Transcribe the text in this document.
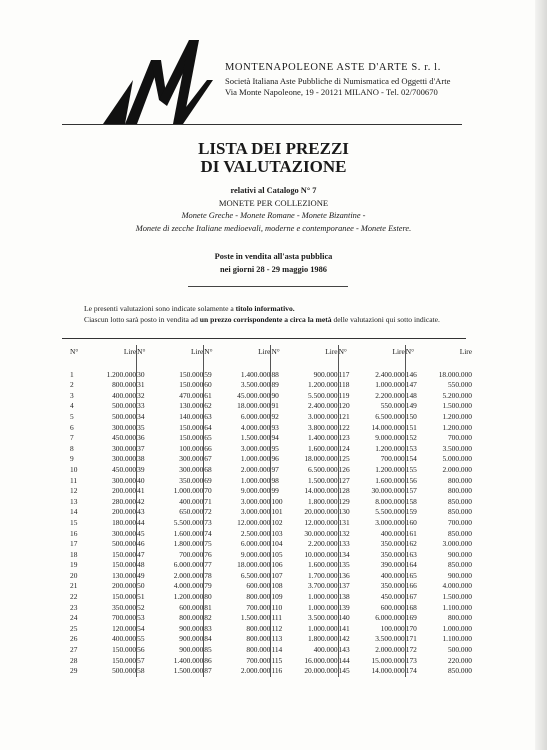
MONTENAPOLEONE ASTE D'ARTE S. r. l.
Società Italiana Aste Pubbliche di Numismatica ed Oggetti d'Arte
Via Monte Napoleone, 19 - 20121 MILANO - Tel. 02/700670
LISTA DEI PREZZI
DI VALUTAZIONE
relativi al Catalogo N° 7
MONETE PER COLLEZIONE
Monete Greche - Monete Romane - Monete Bizantine -
Monete di zecche Italiane medioevali, moderne e contemporanee - Monete Estere.
Poste in vendita all'asta pubblica
nei giorni 28 - 29 maggio 1986
Le presenti valutazioni sono indicate solamente a titolo informativo.
Ciascun lotto sarà posto in vendita ad un prezzo corrispondente a circa la metà delle valutazioni qui sotto indicate.
N°	Lire	N°	Lire	N°	Lire	N°	Lire	N°	Lire	N°	Lire

1	1.200.000	30	150.000	59	1.400.000	88	900.000	117	2.400.000	146	18.000.000
2	800.000	31	150.000	60	3.500.000	89	1.200.000	118	1.000.000	147	550.000
3	400.000	32	470.000	61	45.000.000	90	5.500.000	119	2.200.000	148	5.200.000
4	500.000	33	130.000	62	18.000.000	91	2.400.000	120	550.000	149	1.500.000
5	500.000	34	140.000	63	6.000.000	92	3.000.000	121	6.500.000	150	1.200.000
6	300.000	35	150.000	64	4.000.000	93	3.800.000	122	14.000.000	151	1.200.000
7	450.000	36	150.000	65	1.500.000	94	1.400.000	123	9.000.000	152	700.000
8	300.000	37	100.000	66	3.000.000	95	1.600.000	124	1.200.000	153	3.500.000
9	300.000	38	300.000	67	1.000.000	96	18.000.000	125	700.000	154	5.000.000
10	450.000	39	300.000	68	2.000.000	97	6.500.000	126	1.200.000	155	2.000.000
11	300.000	40	350.000	69	1.000.000	98	1.500.000	127	1.600.000	156	800.000
12	200.000	41	1.000.000	70	9.000.000	99	14.000.000	128	30.000.000	157	800.000
13	280.000	42	400.000	71	3.000.000	100	1.800.000	129	8.000.000	158	850.000
14	200.000	43	650.000	72	3.000.000	101	20.000.000	130	5.500.000	159	850.000
15	180.000	44	5.500.000	73	12.000.000	102	12.000.000	131	3.000.000	160	700.000
16	300.000	45	1.600.000	74	2.500.000	103	30.000.000	132	400.000	161	850.000
17	500.000	46	1.800.000	75	6.000.000	104	2.200.000	133	350.000	162	3.000.000
18	150.000	47	700.000	76	9.000.000	105	10.000.000	134	350.000	163	900.000
19	150.000	48	6.000.000	77	18.000.000	106	1.600.000	135	390.000	164	850.000
20	130.000	49	2.000.000	78	6.500.000	107	1.700.000	136	400.000	165	900.000
21	200.000	50	4.000.000	79	600.000	108	3.700.000	137	350.000	166	4.000.000
22	150.000	51	1.200.000	80	800.000	109	1.000.000	138	450.000	167	1.500.000
23	350.000	52	600.000	81	700.000	110	1.000.000	139	600.000	168	1.100.000
24	700.000	53	800.000	82	1.500.000	111	3.500.000	140	6.000.000	169	800.000
25	120.000	54	900.000	83	800.000	112	1.000.000	141	100.000	170	1.000.000
26	400.000	55	900.000	84	800.000	113	1.800.000	142	3.500.000	171	1.100.000
27	150.000	56	900.000	85	800.000	114	400.000	143	2.000.000	172	500.000
28	150.000	57	1.400.000	86	700.000	115	16.000.000	144	15.000.000	173	220.000
29	500.000	58	1.500.000	87	2.000.000	116	20.000.000	145	14.000.000	174	850.000
